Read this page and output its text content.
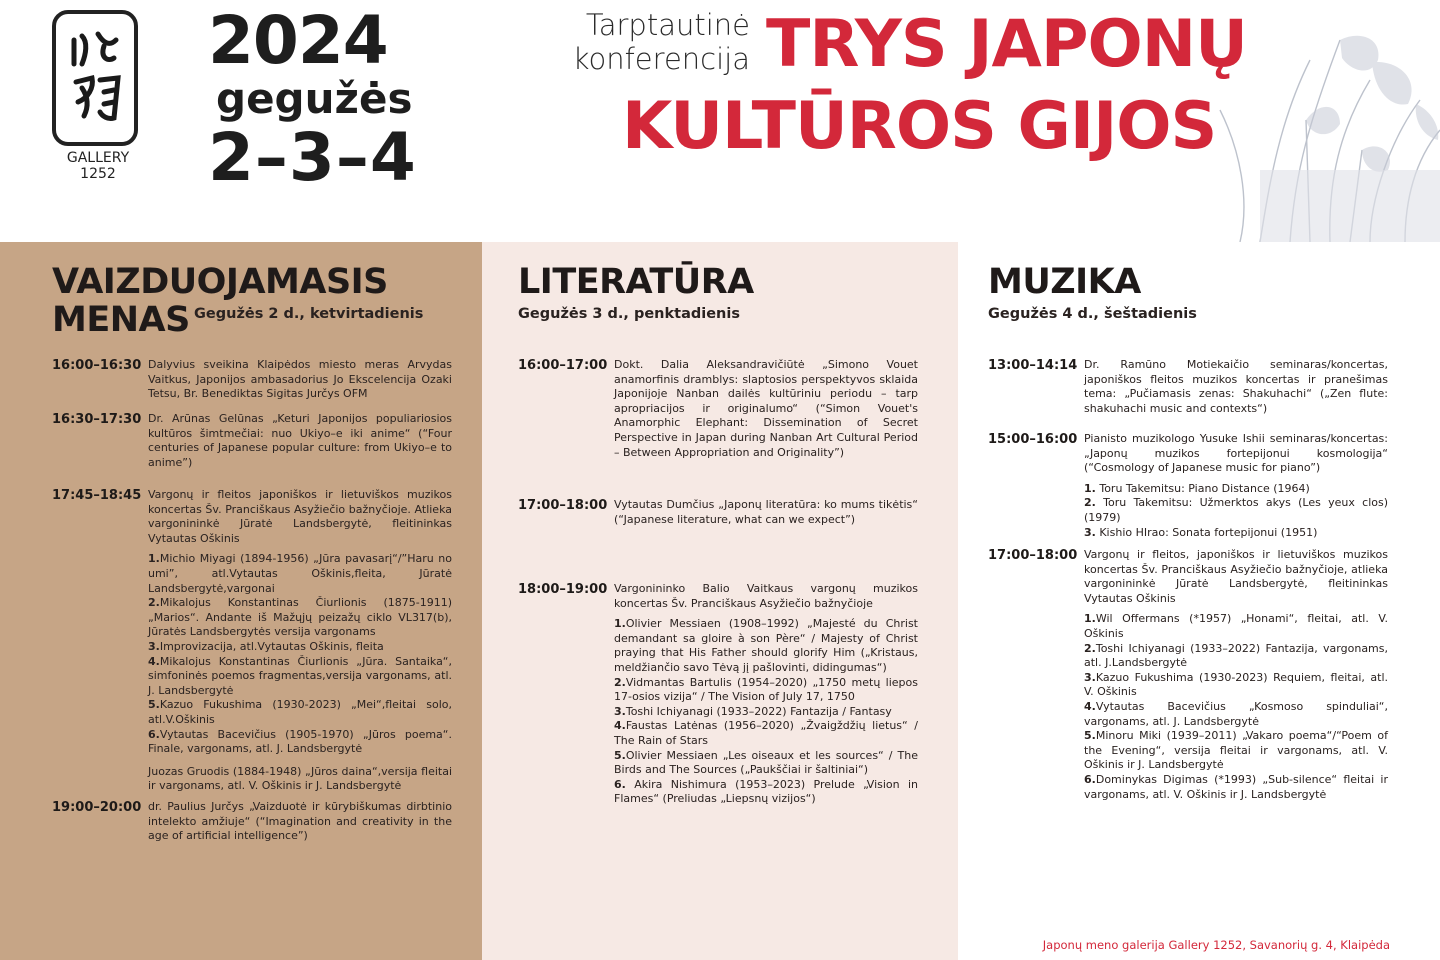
GALLERY 1252
2024
gegužės
2–3–4
Tarptautinė konferencija TRYS JAPONŲ
KULTŪROS GIJOS
VAIZDUOJAMASIS
MENAS Gegužės 2 d., ketvirtadienis
16:00–16:30 Dalyvius sveikina Klaipėdos miesto meras Arvydas Vaitkus, Japonijos ambasadorius Jo Ekscelencija Ozaki Tetsu, Br. Benediktas Sigitas Jurčys OFM
16:30–17:30 Dr. Arūnas Gelūnas „Keturi Japonijos populiariosios kultūros šimtmečiai: nuo Ukiyo–e iki anime“ (“Four centuries of Japanese popular culture: from Ukiyo–e to anime”)
17:45–18:45 Vargonų ir fleitos japoniškos ir lietuviškos muzikos koncertas Šv. Pranciškaus Asyžiečio bažnyčioje. Atlieka vargonininkė Jūratė Landsbergytė, fleitininkas Vytautas Oškinis
1.Michio Miyagi (1894-1956) „Jūra pavasarį“/”Haru no umi”, atl.Vytautas Oškinis,fleita, Jūratė Landsbergytė,vargonai
2.Mikalojus Konstantinas Čiurlionis (1875-1911) „Marios“. Andante iš Mažųjų peizažų ciklo VL317(b), Jūratės Landsbergytės versija vargonams
3.Improvizacija, atl.Vytautas Oškinis, fleita
4.Mikalojus Konstantinas Čiurlionis „Jūra. Santaika“, simfoninės poemos fragmentas,versija vargonams, atl. J. Landsbergytė
5.Kazuo Fukushima (1930-2023) „Mei“,fleitai solo, atl.V.Oškinis
6.Vytautas Bacevičius (1905-1970) „Jūros poema“. Finale, vargonams, atl. J. Landsbergytė
Juozas Gruodis (1884-1948) „Jūros daina“,versija fleitai ir vargonams, atl. V. Oškinis ir J. Landsbergytė
19:00–20:00 dr. Paulius Jurčys „Vaizduotė ir kūrybiškumas dirbtinio intelekto amžiuje“ (“Imagination and creativity in the age of artificial intelligence”)
LITERATŪRA
Gegužės 3 d., penktadienis
16:00–17:00 Dokt. Dalia Aleksandravičiūtė „Simono Vouet anamorfinis dramblys: slaptosios perspektyvos sklaida Japonijoje Nanban dailės kultūriniu periodu – tarp apropriacijos ir originalumo“ (“Simon Vouet's Anamorphic Elephant: Dissemination of Secret Perspective in Japan during Nanban Art Cultural Period – Between Appropriation and Originality”)
17:00–18:00 Vytautas Dumčius „Japonų literatūra: ko mums tikėtis“ (“Japanese literature, what can we expect”)
18:00–19:00 Vargonininko Balio Vaitkaus vargonų muzikos koncertas Šv. Pranciškaus Asyžiečio bažnyčioje
1.Olivier Messiaen (1908–1992) „Majesté du Christ demandant sa gloire à son Père“ / Majesty of Christ praying that His Father should glorify Him („Kristaus, meldžiančio savo Tėvą jį pašlovinti, didingumas“)
2.Vidmantas Bartulis (1954–2020) „1750 metų liepos 17-osios vizija“ / The Vision of July 17, 1750
3.Toshi Ichiyanagi (1933–2022) Fantazija / Fantasy
4.Faustas Latėnas (1956–2020) „Žvaigždžių lietus“ / The Rain of Stars
5.Olivier Messiaen „Les oiseaux et les sources“ / The Birds and The Sources („Paukščiai ir šaltiniai“)
6. Akira Nishimura (1953–2023) Prelude „Vision in Flames“ (Preliudas „Liepsnų vizijos“)
MUZIKA
Gegužės 4 d., šeštadienis
13:00–14:14 Dr. Ramūno Motiekaičio seminaras/koncertas, japoniškos fleitos muzikos koncertas ir pranešimas tema: „Pučiamasis zenas: Shakuhachi“ („Zen flute: shakuhachi music and contexts“)
15:00–16:00 Pianisto muzikologo Yusuke Ishii seminaras/koncertas: „Japonų muzikos fortepijonui kosmologija“ (“Cosmology of Japanese music for piano”)
1. Toru Takemitsu: Piano Distance (1964)
2. Toru Takemitsu: Užmerktos akys (Les yeux clos) (1979)
3. Kishio HIrao: Sonata fortepijonui (1951)
17:00–18:00 Vargonų ir fleitos, japoniškos ir lietuviškos muzikos koncertas Šv. Pranciškaus Asyžiečio bažnyčioje, atlieka vargonininkė Jūratė Landsbergytė, fleitininkas Vytautas Oškinis
1.Wil Offermans (*1957) „Honami“, fleitai, atl. V. Oškinis
2.Toshi Ichiyanagi (1933–2022) Fantazija, vargonams, atl. J.Landsbergytė
3.Kazuo Fukushima (1930-2023) Requiem, fleitai, atl. V. Oškinis
4.Vytautas Bacevičius „Kosmoso spinduliai“, vargonams, atl. J. Landsbergytė
5.Minoru Miki (1939–2011) „Vakaro poema“/“Poem of the Evening“, versija fleitai ir vargonams, atl. V. Oškinis ir J. Landsbergytė
6.Dominykas Digimas (*1993) „Sub-silence“ fleitai ir vargonams, atl. V. Oškinis ir J. Landsbergytė
Japonų meno galerija Gallery 1252, Savanorių g. 4, Klaipėda
